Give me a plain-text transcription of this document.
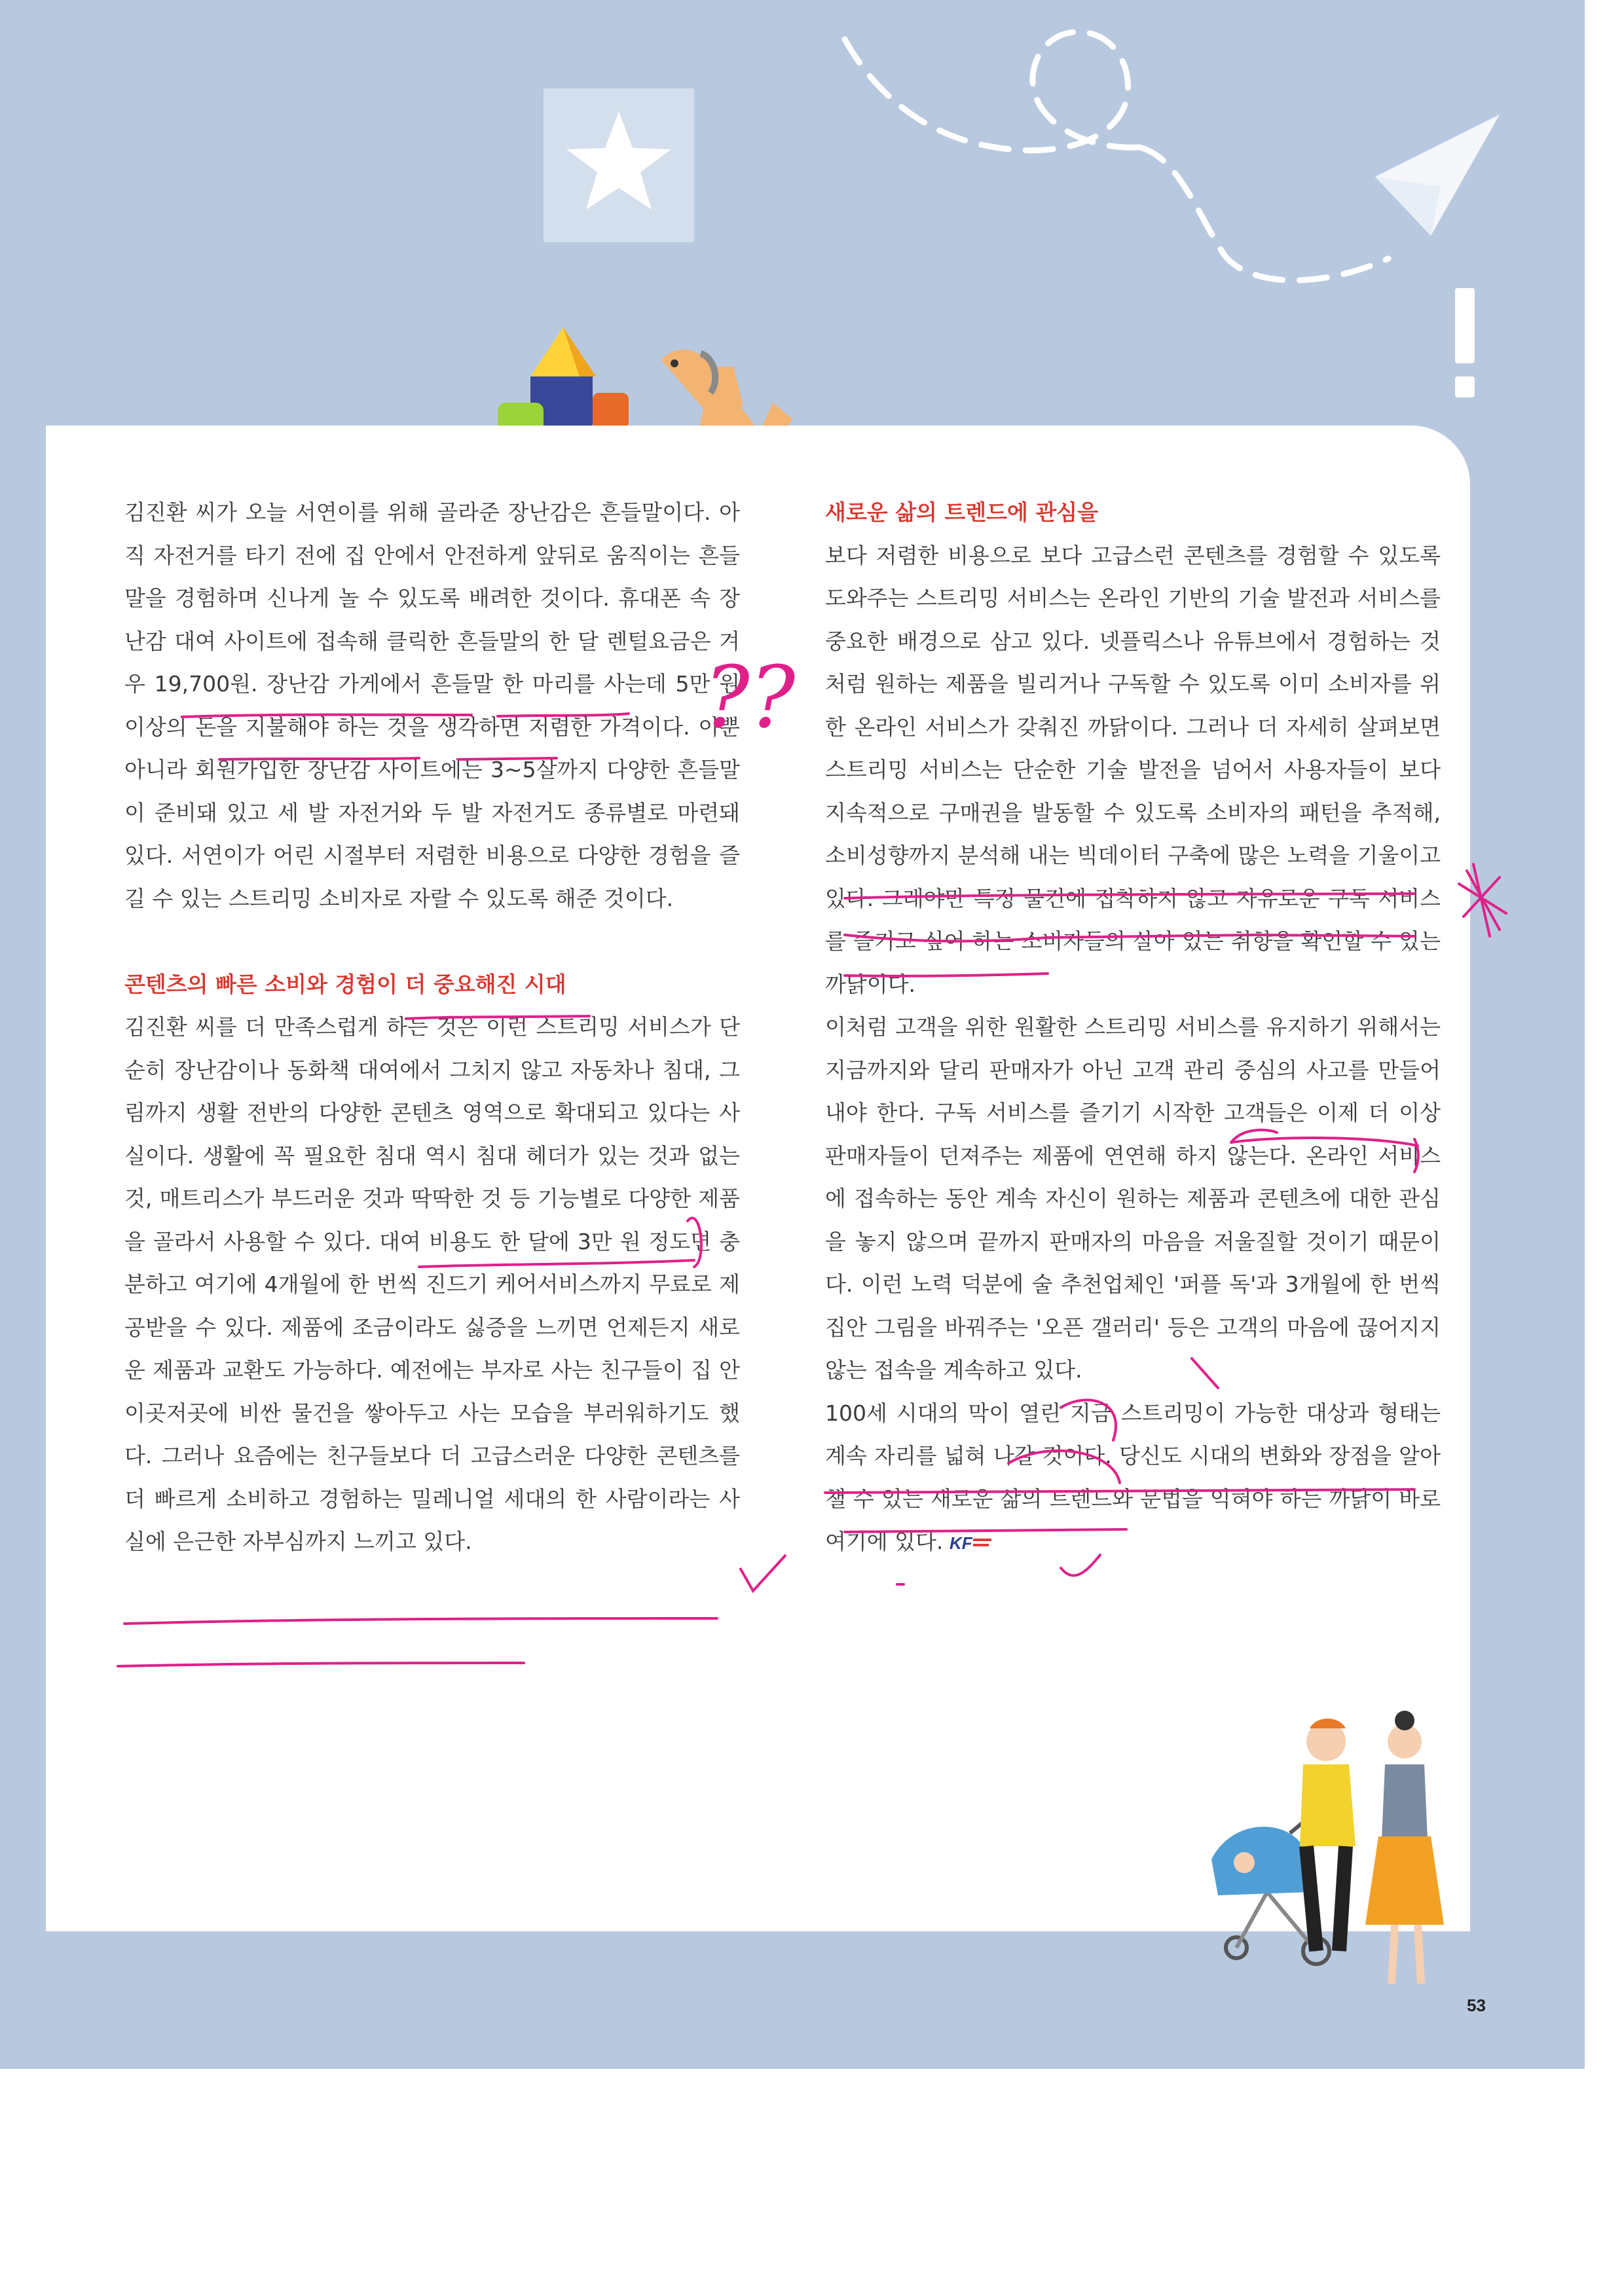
김진환 씨가 오늘 서연이를 위해 골라준 장난감은 흔들말이다. 아직 자전거를 타기 전에 집 안에서 안전하게 앞뒤로 움직이는 흔들말을 경험하며 신나게 놀 수 있도록 배려한 것이다. 휴대폰 속 장난감 대여 사이트에 접속해 클릭한 흔들말의 한 달 렌털요금은 겨우 19,700원. 장난감 가게에서 흔들말 한 마리를 사는데 5만 원 이상의 돈을 지불해야 하는 것을 생각하면 저렴한 가격이다. 이뿐 아니라 회원가입한 장난감 사이트에는 3~5살까지 다양한 흔들말이 준비돼 있고 세 발 자전거와 두 발 자전거도 종류별로 마련돼 있다. 서연이가 어린 시절부터 저렴한 비용으로 다양한 경험을 즐길 수 있는 스트리밍 소비자로 자랄 수 있도록 해준 것이다.

콘텐츠의 빠른 소비와 경험이 더 중요해진 시대

김진환 씨를 더 만족스럽게 하는 것은 이런 스트리밍 서비스가 단순히 장난감이나 동화책 대여에서 그치지 않고 자동차나 침대, 그림까지 생활 전반의 다양한 콘텐츠 영역으로 확대되고 있다는 사실이다. 생활에 꼭 필요한 침대 역시 침대 헤더가 있는 것과 없는 것, 매트리스가 부드러운 것과 딱딱한 것 등 기능별로 다양한 제품을 골라서 사용할 수 있다. 대여 비용도 한 달에 3만 원 정도면 충분하고 여기에 4개월에 한 번씩 진드기 케어서비스까지 무료로 제공받을 수 있다. 제품에 조금이라도 싫증을 느끼면 언제든지 새로운 제품과 교환도 가능하다. 예전에는 부자로 사는 친구들이 집 안 이곳저곳에 비싼 물건을 쌓아두고 사는 모습을 부러워하기도 했다. 그러나 요즘에는 친구들보다 더 고급스러운 다양한 콘텐츠를 더 빠르게 소비하고 경험하는 밀레니얼 세대의 한 사람이라는 사실에 은근한 자부심까지 느끼고 있다.

새로운 삶의 트렌드에 관심을

보다 저렴한 비용으로 보다 고급스런 콘텐츠를 경험할 수 있도록 도와주는 스트리밍 서비스는 온라인 기반의 기술 발전과 서비스를 중요한 배경으로 삼고 있다. 넷플릭스나 유튜브에서 경험하는 것처럼 원하는 제품을 빌리거나 구독할 수 있도록 이미 소비자를 위한 온라인 서비스가 갖춰진 까닭이다. 그러나 더 자세히 살펴보면 스트리밍 서비스는 단순한 기술 발전을 넘어서 사용자들이 보다 지속적으로 구매권을 발동할 수 있도록 소비자의 패턴을 추적해, 소비성향까지 분석해 내는 빅데이터 구축에 많은 노력을 기울이고 있다. 그래야만 특정 물건에 집착하지 않고 자유로운 구독 서비스를 즐기고 싶어 하는 소비자들의 살아 있는 취향을 확인할 수 있는 까닭이다.

이처럼 고객을 위한 원활한 스트리밍 서비스를 유지하기 위해서는 지금까지와 달리 판매자가 아닌 고객 관리 중심의 사고를 만들어내야 한다. 구독 서비스를 즐기기 시작한 고객들은 이제 더 이상 판매자들이 던져주는 제품에 연연해 하지 않는다. 온라인 서비스에 접속하는 동안 계속 자신이 원하는 제품과 콘텐츠에 대한 관심을 놓지 않으며 끝까지 판매자의 마음을 저울질할 것이기 때문이다. 이런 노력 덕분에 술 추천업체인 '퍼플 독'과 3개월에 한 번씩 집안 그림을 바꿔주는 '오픈 갤러리' 등은 고객의 마음에 끊어지지 않는 접속을 계속하고 있다.

100세 시대의 막이 열린 지금 스트리밍이 가능한 대상과 형태는 계속 자리를 넓혀 나갈 것이다. 당신도 시대의 변화와 장점을 알아챌 수 있는 새로운 삶의 트렌드와 문법을 익혀야 하는 까닭이 바로 여기에 있다. KF

53
??
